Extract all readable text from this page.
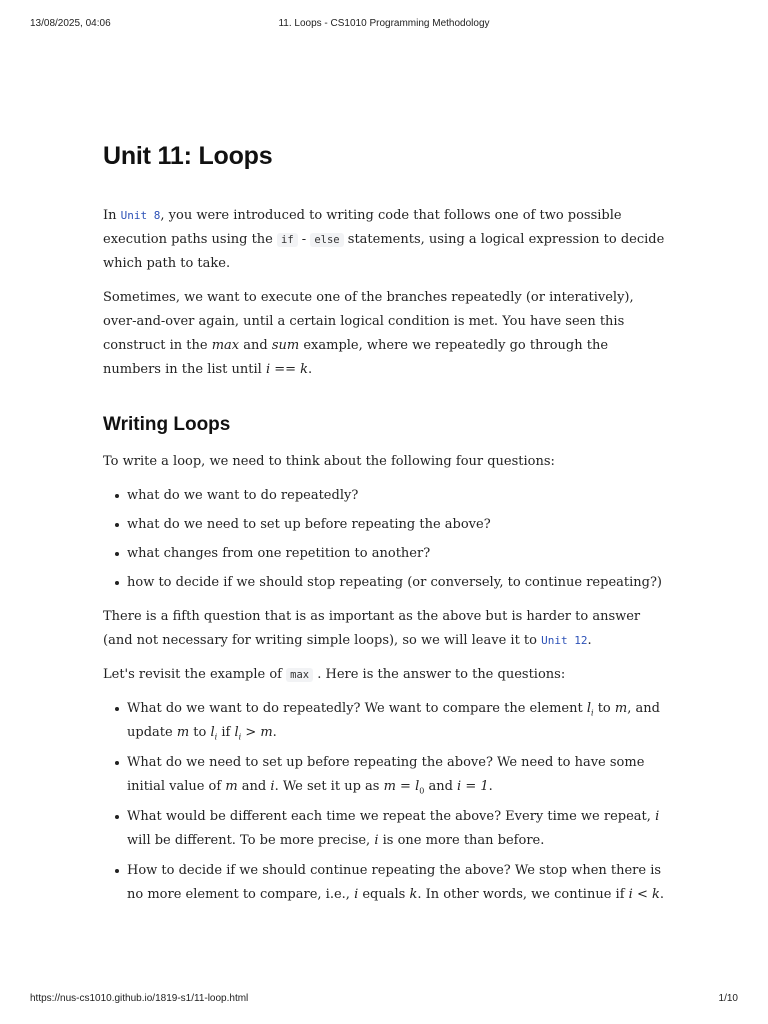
13/08/2025, 04:06	11. Loops - CS1010 Programming Methodology
Unit 11: Loops

In Unit 8, you were introduced to writing code that follows one of two possible execution paths using the if - else statements, using a logical expression to decide which path to take.

Sometimes, we want to execute one of the branches repeatedly (or interatively), over-and-over again, until a certain logical condition is met. You have seen this construct in the max and sum example, where we repeatedly go through the numbers in the list until i == k.

Writing Loops

To write a loop, we need to think about the following four questions:

what do we want to do repeatedly?
what do we need to set up before repeating the above?
what changes from one repetition to another?
how to decide if we should stop repeating (or conversely, to continue repeating?)

There is a fifth question that is as important as the above but is harder to answer (and not necessary for writing simple loops), so we will leave it to Unit 12.

Let's revisit the example of max . Here is the answer to the questions:

What do we want to do repeatedly? We want to compare the element $l_i$ to m, and update m to $l_i$ if $l_i > m$.
What do we need to set up before repeating the above? We need to have some initial value of m and i. We set it up as $m = l_0$ and i = 1.
What would be different each time we repeat the above? Every time we repeat, i will be different. To be more precise, i is one more than before.
How to decide if we should continue repeating the above? We stop when there is no more element to compare, i.e., i equals k. In other words, we continue if i < k.
https://nus-cs1010.github.io/1819-s1/11-loop.html	1/10
